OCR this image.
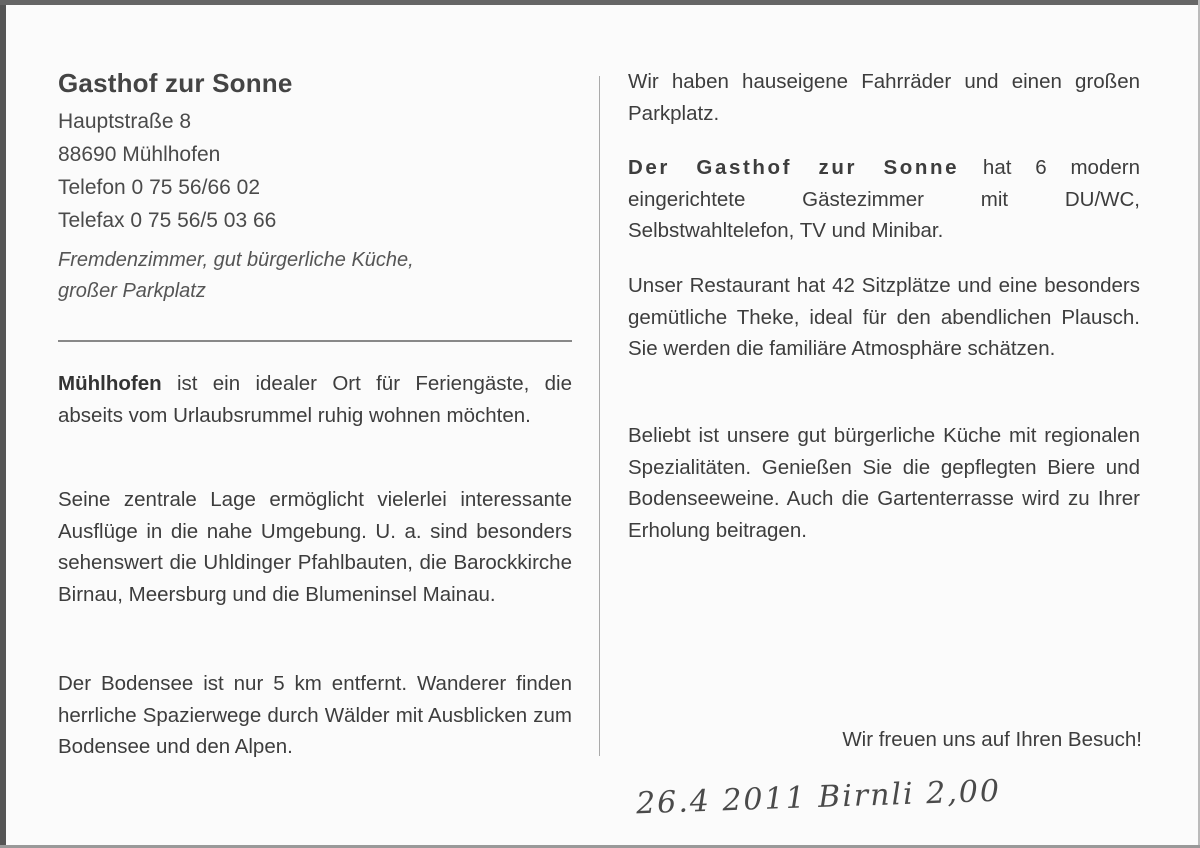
Gasthof zur Sonne
Hauptstraße 8
88690 Mühlhofen
Telefon 0 75 56/66 02
Telefax 0 75 56/5 03 66
Fremdenzimmer, gut bürgerliche Küche,
großer Parkplatz
Mühlhofen ist ein idealer Ort für Feriengäste, die abseits vom Urlaubsrummel ruhig wohnen möchten.
Seine zentrale Lage ermöglicht vielerlei interessante Ausflüge in die nahe Umgebung. U. a. sind besonders sehenswert die Uhldinger Pfahlbauten, die Barockkirche Birnau, Meersburg und die Blumeninsel Mainau.
Der Bodensee ist nur 5 km entfernt. Wanderer finden herrliche Spazierwege durch Wälder mit Ausblicken zum Bodensee und den Alpen.
Wir haben hauseigene Fahrräder und einen großen Parkplatz.
Der Gasthof zur Sonne hat 6 modern eingerichtete Gästezimmer mit DU/WC, Selbstwahltelefon, TV und Minibar.
Unser Restaurant hat 42 Sitzplätze und eine besonders gemütliche Theke, ideal für den abendlichen Plausch. Sie werden die familiäre Atmosphäre schätzen.
Beliebt ist unsere gut bürgerliche Küche mit regionalen Spezialitäten. Genießen Sie die gepflegten Biere und Bodenseeweine. Auch die Gartenterrasse wird zu Ihrer Erholung beitragen.
Wir freuen uns auf Ihren Besuch!
26.4 2011 Birnli 2,00
